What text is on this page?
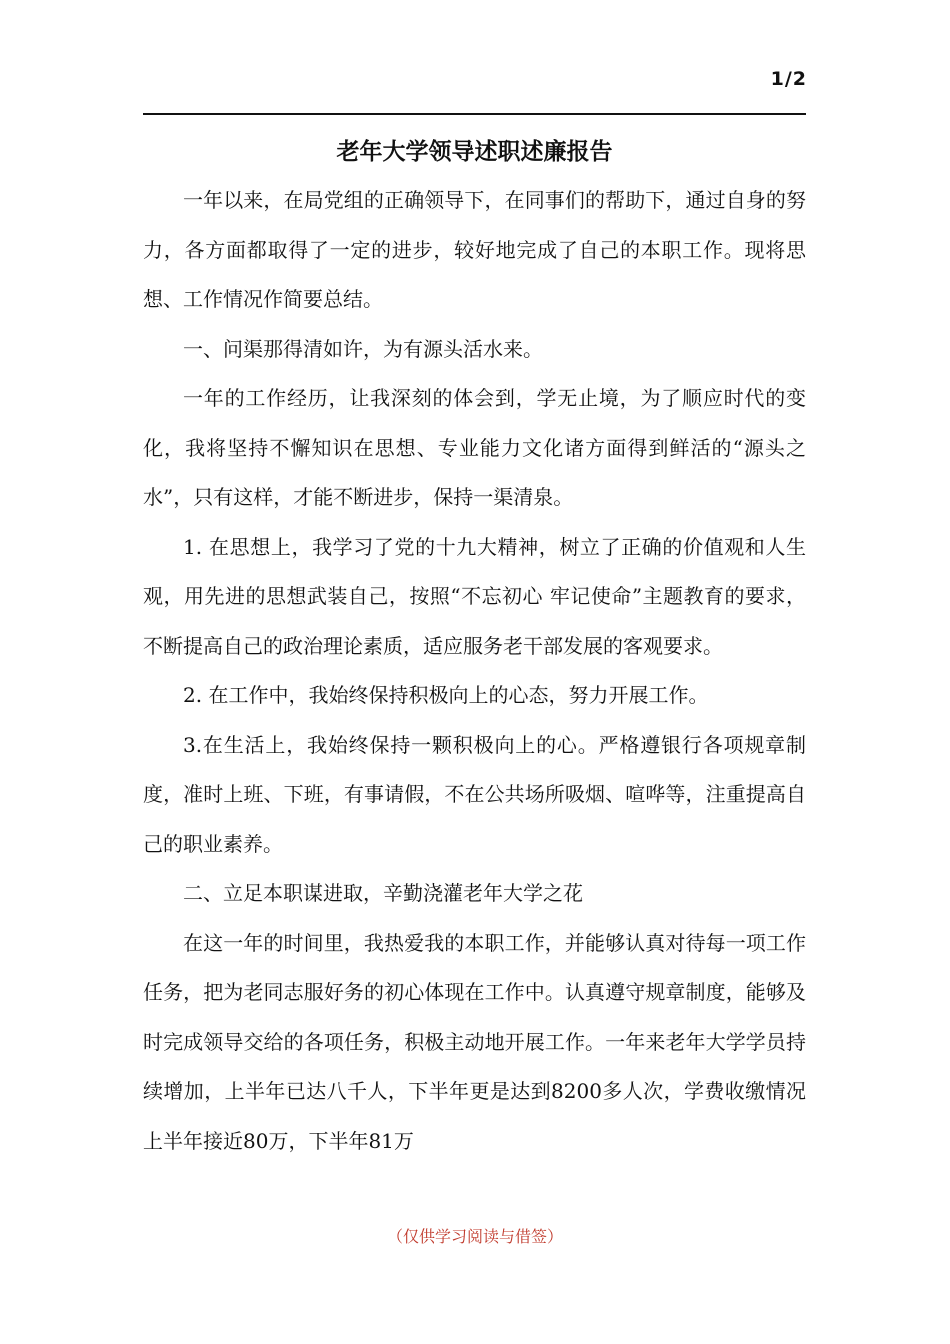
1/2
老年大学领导述职述廉报告

一年以来，在局党组的正确领导下，在同事们的帮助下，通过自身的努力，各方面都取得了一定的进步，较好地完成了自己的本职工作。现将思想、工作情况作简要总结。

一、问渠那得清如许，为有源头活水来。

一年的工作经历，让我深刻的体会到，学无止境，为了顺应时代的变化，我将坚持不懈知识在思想、专业能力文化诸方面得到鲜活的“源头之水”，只有这样，才能不断进步，保持一渠清泉。

1. 在思想上，我学习了党的十九大精神，树立了正确的价值观和人生观，用先进的思想武装自己，按照“不忘初心 牢记使命”主题教育的要求，不断提高自己的政治理论素质，适应服务老干部发展的客观要求。

2. 在工作中，我始终保持积极向上的心态，努力开展工作。

3.在生活上，我始终保持一颗积极向上的心。严格遵银行各项规章制度，准时上班、下班，有事请假，不在公共场所吸烟、喧哗等，注重提高自己的职业素养。

二、立足本职谋进取，辛勤浇灌老年大学之花

在这一年的时间里，我热爱我的本职工作，并能够认真对待每一项工作任务，把为老同志服好务的初心体现在工作中。认真遵守规章制度，能够及时完成领导交给的各项任务，积极主动地开展工作。一年来老年大学学员持续增加，上半年已达八千人，下半年更是达到8200多人次，学费收缴情况上半年接近80万，下半年81万

（仅供学习阅读与借签）
